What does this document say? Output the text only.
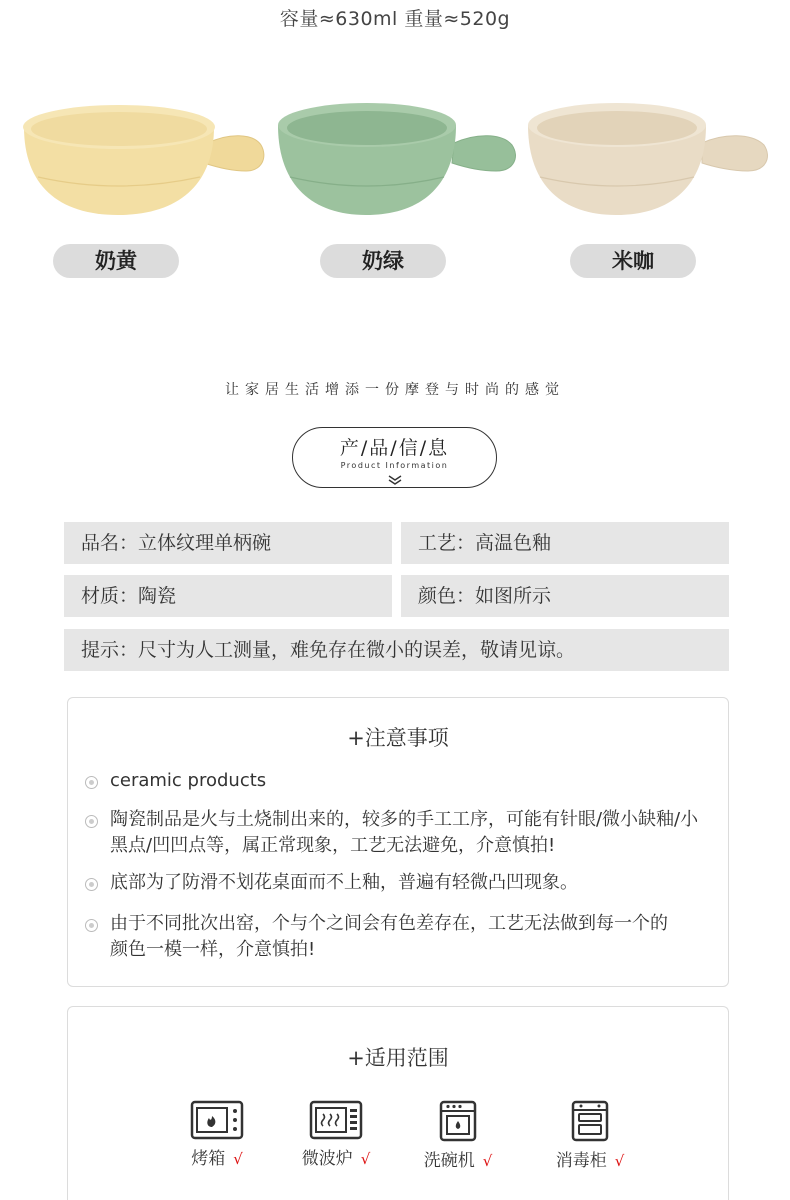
容量≈630ml 重量≈520g
奶黄	奶绿	米咖
让家居生活增添一份摩登与时尚的感觉
产/品/信/息
Product Information
品名：立体纹理单柄碗	工艺：高温色釉
材质：陶瓷	颜色：如图所示
提示：尺寸为人工测量，难免存在微小的误差，敬请见谅。
+注意事项
ceramic products
陶瓷制品是火与土烧制出来的，较多的手工工序，可能有针眼/微小缺釉/小黑点/凹凹点等，属正常现象，工艺无法避免，介意慎拍!
底部为了防滑不划花桌面而不上釉，普遍有轻微凸凹现象。
由于不同批次出窑，个与个之间会有色差存在，工艺无法做到每一个的颜色一模一样，介意慎拍!
+适用范围
烤箱 √	微波炉 √	洗碗机 √	消毒柜 √
